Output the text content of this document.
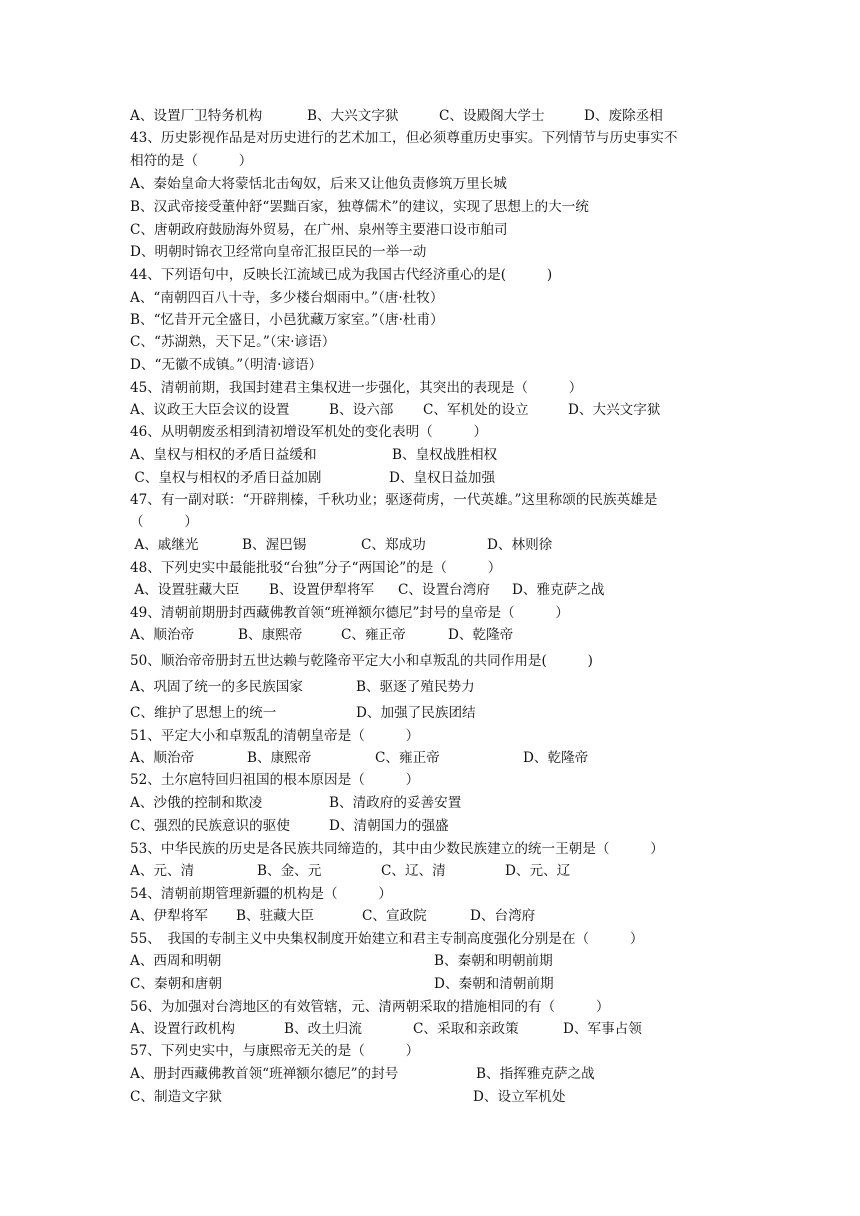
A、设置厂卫特务机构	B、大兴文字狱	C、设殿阁大学士	D、废除丞相
43、历史影视作品是对历史进行的艺术加工，但必须尊重历史事实。下列情节与历史事实不
相符的是（　　　）
A、秦始皇命大将蒙恬北击匈奴，后来又让他负责修筑万里长城
B、汉武帝接受董仲舒“罢黜百家，独尊儒术”的建议，实现了思想上的大一统
C、唐朝政府鼓励海外贸易，在广州、泉州等主要港口设市舶司
D、明朝时锦衣卫经常向皇帝汇报臣民的一举一动
44、下列语句中，反映长江流域已成为我国古代经济重心的是(　　　)
A、“南朝四百八十寺，多少楼台烟雨中。”（唐·杜牧）
B、“忆昔开元全盛日，小邑犹藏万家室。”（唐·杜甫）
C、“苏湖熟，天下足。”（宋·谚语）
D、“无徽不成镇。”（明清·谚语）
45、清朝前期，我国封建君主集权进一步强化，其突出的表现是（　　　）
A、议政王大臣会议的设置	B、设六部 C、军机处的设立	D、大兴文字狱
46、从明朝废丞相到清初增设军机处的变化表明（　　　）
A、皇权与相权的矛盾日益缓和	B、皇权战胜相权
C、皇权与相权的矛盾日益加剧	D、皇权日益加强
47、有一副对联：“开辟荆榛，千秋功业；驱逐荷虏，一代英雄。”这里称颂的民族英雄是
（　　　）
A、戚继光	B、渥巴锡	C、郑成功	D、林则徐
48、下列史实中最能批驳“台独”分子“两国论”的是（　　　）
A、设置驻藏大臣 B、设置伊犁将军 C、设置台湾府 D、雅克萨之战
49、清朝前期册封西藏佛教首领“班禅额尔德尼”封号的皇帝是（　　　）
A、顺治帝	B、康熙帝	C、雍正帝	D、乾隆帝
50、顺治帝帝册封五世达赖与乾隆帝平定大小和卓叛乱的共同作用是(　　　)
A、巩固了统一的多民族国家	B、驱逐了殖民势力
C、维护了思想上的统一	D、加强了民族团结
51、平定大小和卓叛乱的清朝皇帝是（　　　）
A、顺治帝	B、康熙帝	C、雍正帝	D、乾隆帝
52、土尔扈特回归祖国的根本原因是（　　　）
A、沙俄的控制和欺凌	B、清政府的妥善安置
C、强烈的民族意识的驱使	D、清朝国力的强盛
53、中华民族的历史是各民族共同缔造的，其中由少数民族建立的统一王朝是（　　　）
A、元、清	B、金、元	C、辽、清	D、元、辽
54、清朝前期管理新疆的机构是（　　　）
A、伊犁将军 B、驻藏大臣	C、宣政院	D、台湾府
55、　我国的专制主义中央集权制度开始建立和君主专制高度强化分别是在（　　　）
A、西周和明朝	B、秦朝和明朝前期
C、秦朝和唐朝	D、秦朝和清朝前期
56、为加强对台湾地区的有效管辖，元、清两朝采取的措施相同的有（　　　）
A、设置行政机构	B、改土归流	C、采取和亲政策	D、军事占领
57、下列史实中，与康熙帝无关的是（　　　）
A、册封西藏佛教首领“班禅额尔德尼”的封号	B、指挥雅克萨之战
C、制造文字狱	D、设立军机处
